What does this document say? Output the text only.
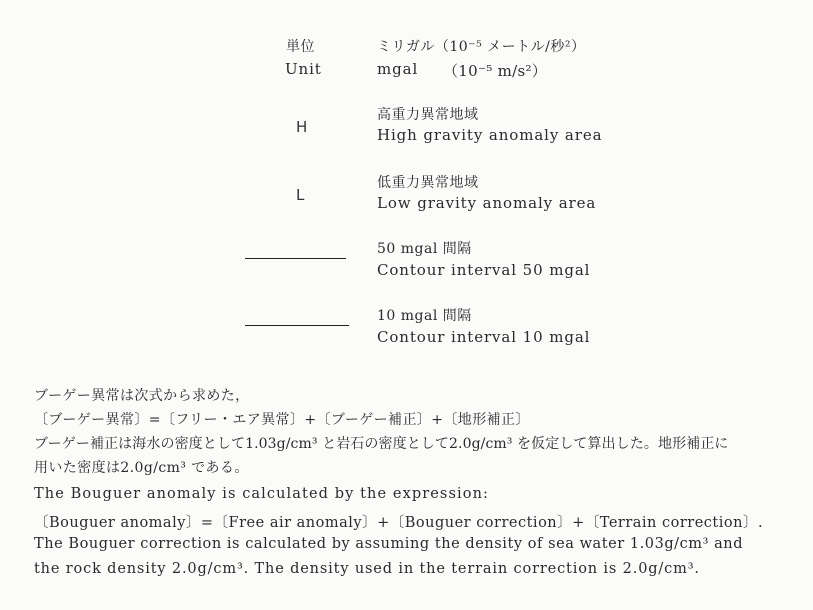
単位
Unit
ミリガル（10⁻⁵ メートル/秒²）
mgal （10⁻⁵ m/s²）
H
高重力異常地域
High gravity anomaly area
L
低重力異常地域
Low gravity anomaly area
50 mgal 間隔
Contour interval 50 mgal
10 mgal 間隔
Contour interval 10 mgal
ブーゲー異常は次式から求めた，
〔ブーゲー異常〕=〔フリー・エア異常〕+〔ブーゲー補正〕+〔地形補正〕
ブーゲー補正は海水の密度として1.03g/cm³ と岩石の密度として2.0g/cm³ を仮定して算出した。地形補正に
用いた密度は2.0g/cm³ である。
The Bouguer anomaly is calculated by the expression:
〔Bouguer anomaly〕=〔Free air anomaly〕+〔Bouguer correction〕+〔Terrain correction〕.
The Bouguer correction is calculated by assuming the density of sea water 1.03g/cm³ and
the rock density 2.0g/cm³. The density used in the terrain correction is 2.0g/cm³.
